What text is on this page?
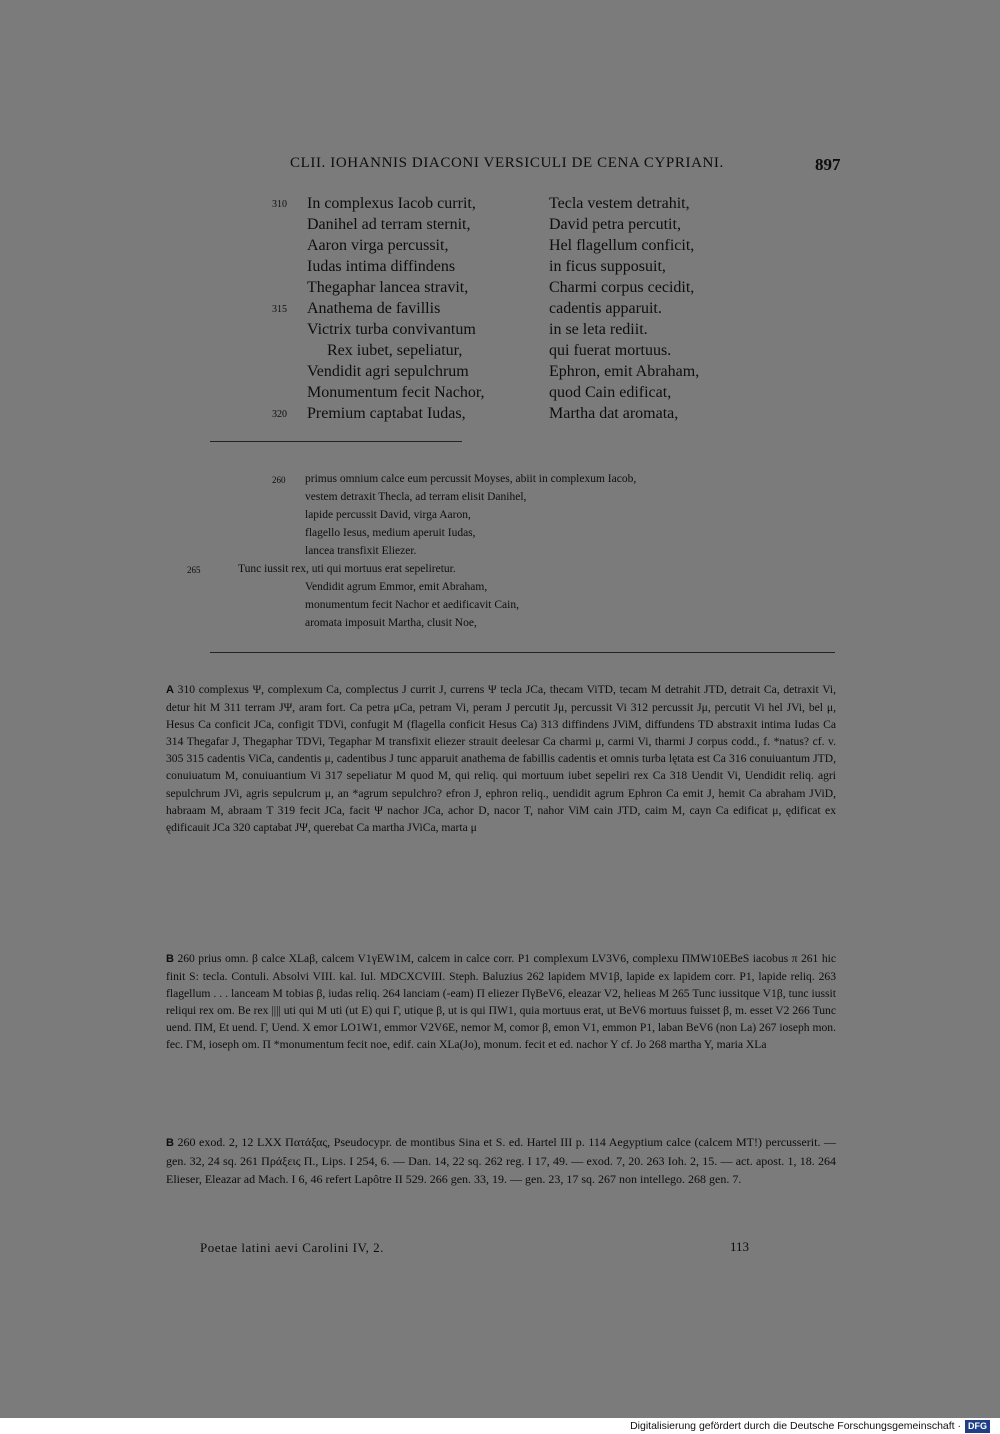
CLII. IOHANNIS DIACONI VERSICULI DE CENA CYPRIANI.	897
310 In complexus Iacob currit,	Tecla vestem detrahit,
Danihel ad terram sternit,	David petra percutit,
Aaron virga percussit,	Hel flagellum conficit,
Iudas intima diffindens	in ficus supposuit,
Thegaphar lancea stravit,	Charmi corpus cecidit,
315 Anathema de favillis	cadentis apparuit.
Victrix turba convivantum	in se leta rediit.
Rex iubet, sepeliatur,	qui fuerat mortuus.
Vendidit agri sepulchrum	Ephron, emit Abraham,
Monumentum fecit Nachor,	quod Cain edificat,
320 Premium captabat Iudas,	Martha dat aromata,
260 primus omnium calce eum percussit Moyses, abiit in complexum Iacob,
vestem detraxit Thecla, ad terram elisit Danihel,
lapide percussit David, virga Aaron,
flagello Iesus, medium aperuit Iudas,
lancea transfixit Eliezer.
265	Tunc iussit rex, uti qui mortuus erat sepeliretur.
Vendidit agrum Emmor, emit Abraham,
monumentum fecit Nachor et aedificavit Cain,
aromata imposuit Martha, clusit Noe,
A 310 complexus Ψ, complexum Ca, complectus J currit J, currens Ψ tecla JCa, thecam ViTD, tecam M detrahit JTD, detrait Ca, detraxit Vi, detur hit M 311 terram JΨ, aram fort. Ca petra μCa, petram Vi, peram J percutit Jμ, percussit Vi 312 percussit Jμ, percutit Vi hel JVi, bel μ, Hesus Ca conficit JCa, configit TDVi, confugit M (flagella conficit Hesus Ca) 313 diffindens JViM, diffundens TD abstraxit intima Iudas Ca 314 Thegafar J, Thegaphar TDVi, Tegaphar M transfixit eliezer strauit deelesar Ca charmi μ, carmi Vi, tharmi J corpus codd., f. *natus? cf. v. 305 315 cadentis ViCa, candentis μ, cadentibus J tunc apparuit anathema de fabillis cadentis et omnis turba lętata est Ca 316 conuiuantum JTD, conuiuatum M, conuiuantium Vi 317 sepeliatur M quod M, qui reliq. qui mortuum iubet sepeliri rex Ca 318 Uendit Vi, Uendidit reliq. agri sepulchrum JVi, agris sepulcrum μ, an *agrum sepulchro? efron J, ephron reliq., uendidit agrum Ephron Ca emit J, hemit Ca abraham JViD, habraam M, abraam T 319 fecit JCa, facit Ψ nachor JCa, achor D, nacor T, nahor ViM cain JTD, caim M, cayn Ca edificat μ, ędificat ex ędificauit JCa 320 captabat JΨ, querebat Ca martha JViCa, marta μ
B 260 prius omn. β calce XLaβ, calcem V1γEW1M, calcem in calce corr. P1 complexum LV3V6, complexu ΠMW10EBeS iacobus π 261 hic finit S: tecla. Contuli. Absolvi VIII. kal. Iul. MDCXCVIII. Steph. Baluzius 262 lapidem MV1β, lapide ex lapidem corr. P1, lapide reliq. 263 flagellum . . . lanceam M tobias β, iudas reliq. 264 lanciam (-eam) Π eliezer ΠγBeV6, eleazar V2, helieas M 265 Tunc iussitque V1β, tunc iussit reliqui rex om. Be rex |||| uti qui M uti (ut E) qui Γ, utique β, ut is qui ΠW1, quia mortuus erat, ut BeV6 mortuus fuisset β, m. esset V2 266 Tunc uend. ΠM, Et uend. Γ, Uend. X emor LO1W1, emmor V2V6E, nemor M, comor β, emon V1, emmon P1, laban BeV6 (non La) 267 ioseph mon. fec. ΓM, ioseph om. Π *monumentum fecit noe, edif. cain XLa(Jo), monum. fecit et ed. nachor Y cf. Jo 268 martha Y, maria XLa
B 260 exod. 2, 12 LXX Πατάξας, Pseudocypr. de montibus Sina et S. ed. Hartel III p. 114 Aegyptium calce (calcem MT!) percusserit. — gen. 32, 24 sq. 261 Πράξεις Π., Lips. I 254, 6. — Dan. 14, 22 sq. 262 reg. I 17, 49. — exod. 7, 20. 263 Ioh. 2, 15. — act. apost. 1, 18. 264 Elieser, Eleazar ad Mach. I 6, 46 refert Lapôtre II 529. 266 gen. 33, 19. — gen. 23, 17 sq. 267 non intellego. 268 gen. 7.
Poetae latini aevi Carolini IV, 2.	113
Digitalisierung gefördert durch die Deutsche Forschungsgemeinschaft · DFG
